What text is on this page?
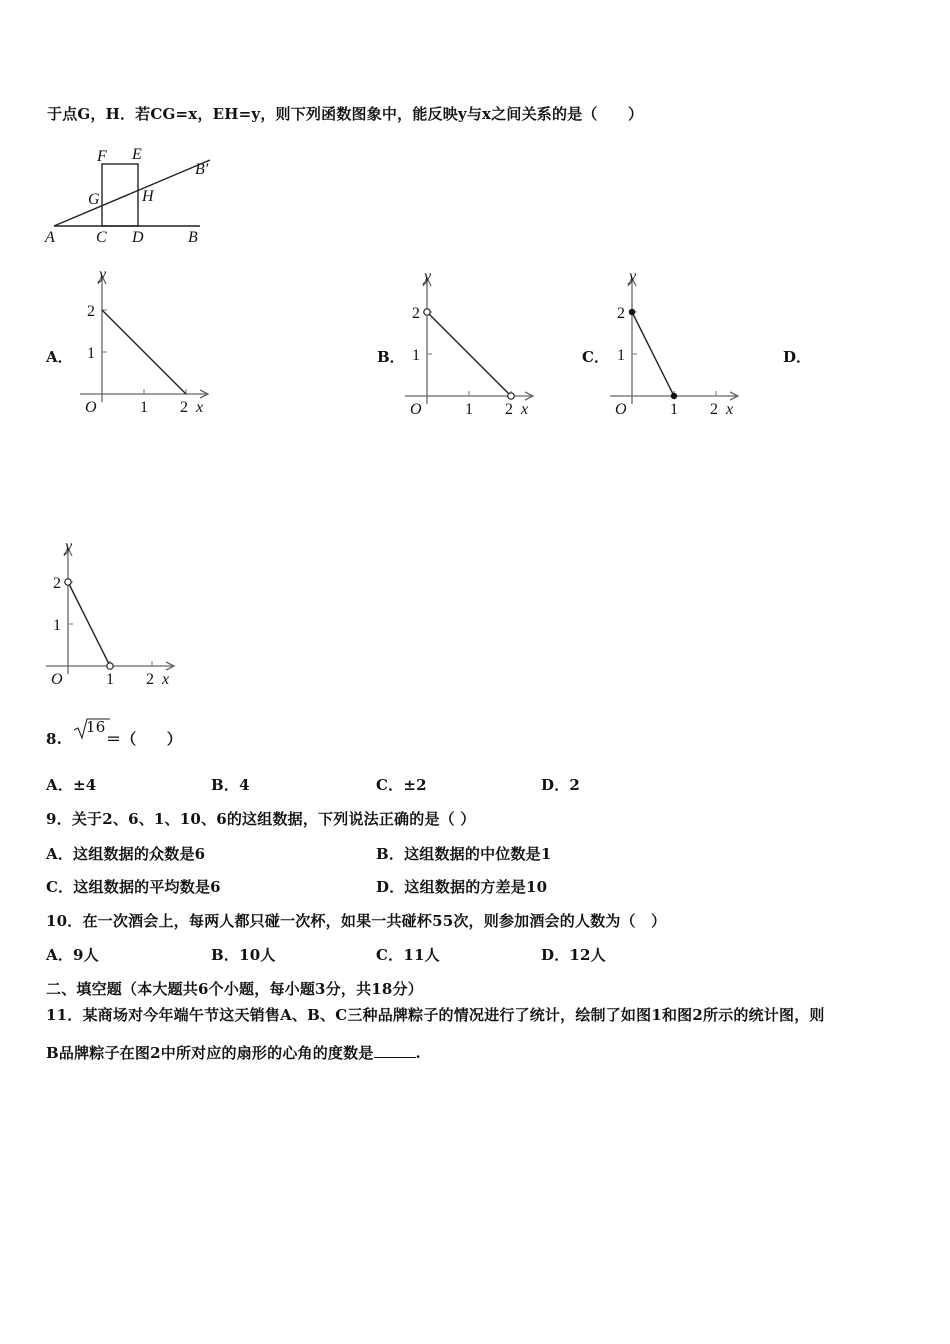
于点G，H．若CG=x，EH=y，则下列函数图象中，能反映y与x之间关系的是（　　）
F E
B′
G	H
A	C D	B
A．	B．	C．	D．
y
O	1 2 x
1
2
y
O	1 2 x
1
2
y
O	1 2 x
1
2
y
O	1 2 x
1
2
8.
16
＝（　　）
A．±4	B．4	C．±2	D．2
9．关于2、6、1、10、6的这组数据，下列说法正确的是（ ）
A．这组数据的众数是6	B．这组数据的中位数是1
C．这组数据的平均数是6	D．这组数据的方差是10
10．在一次酒会上，每两人都只碰一次杯，如果一共碰杯55次，则参加酒会的人数为（　）
A．9人	B．10人	C．11人	D．12人
二、填空题（本大题共6个小题，每小题3分，共18分）
11．某商场对今年端午节这天销售A、B、C三种品牌粽子的情况进行了统计，绘制了如图1和图2所示的统计图，则
B品牌粽子在图2中所对应的扇形的心角的度数是	.
